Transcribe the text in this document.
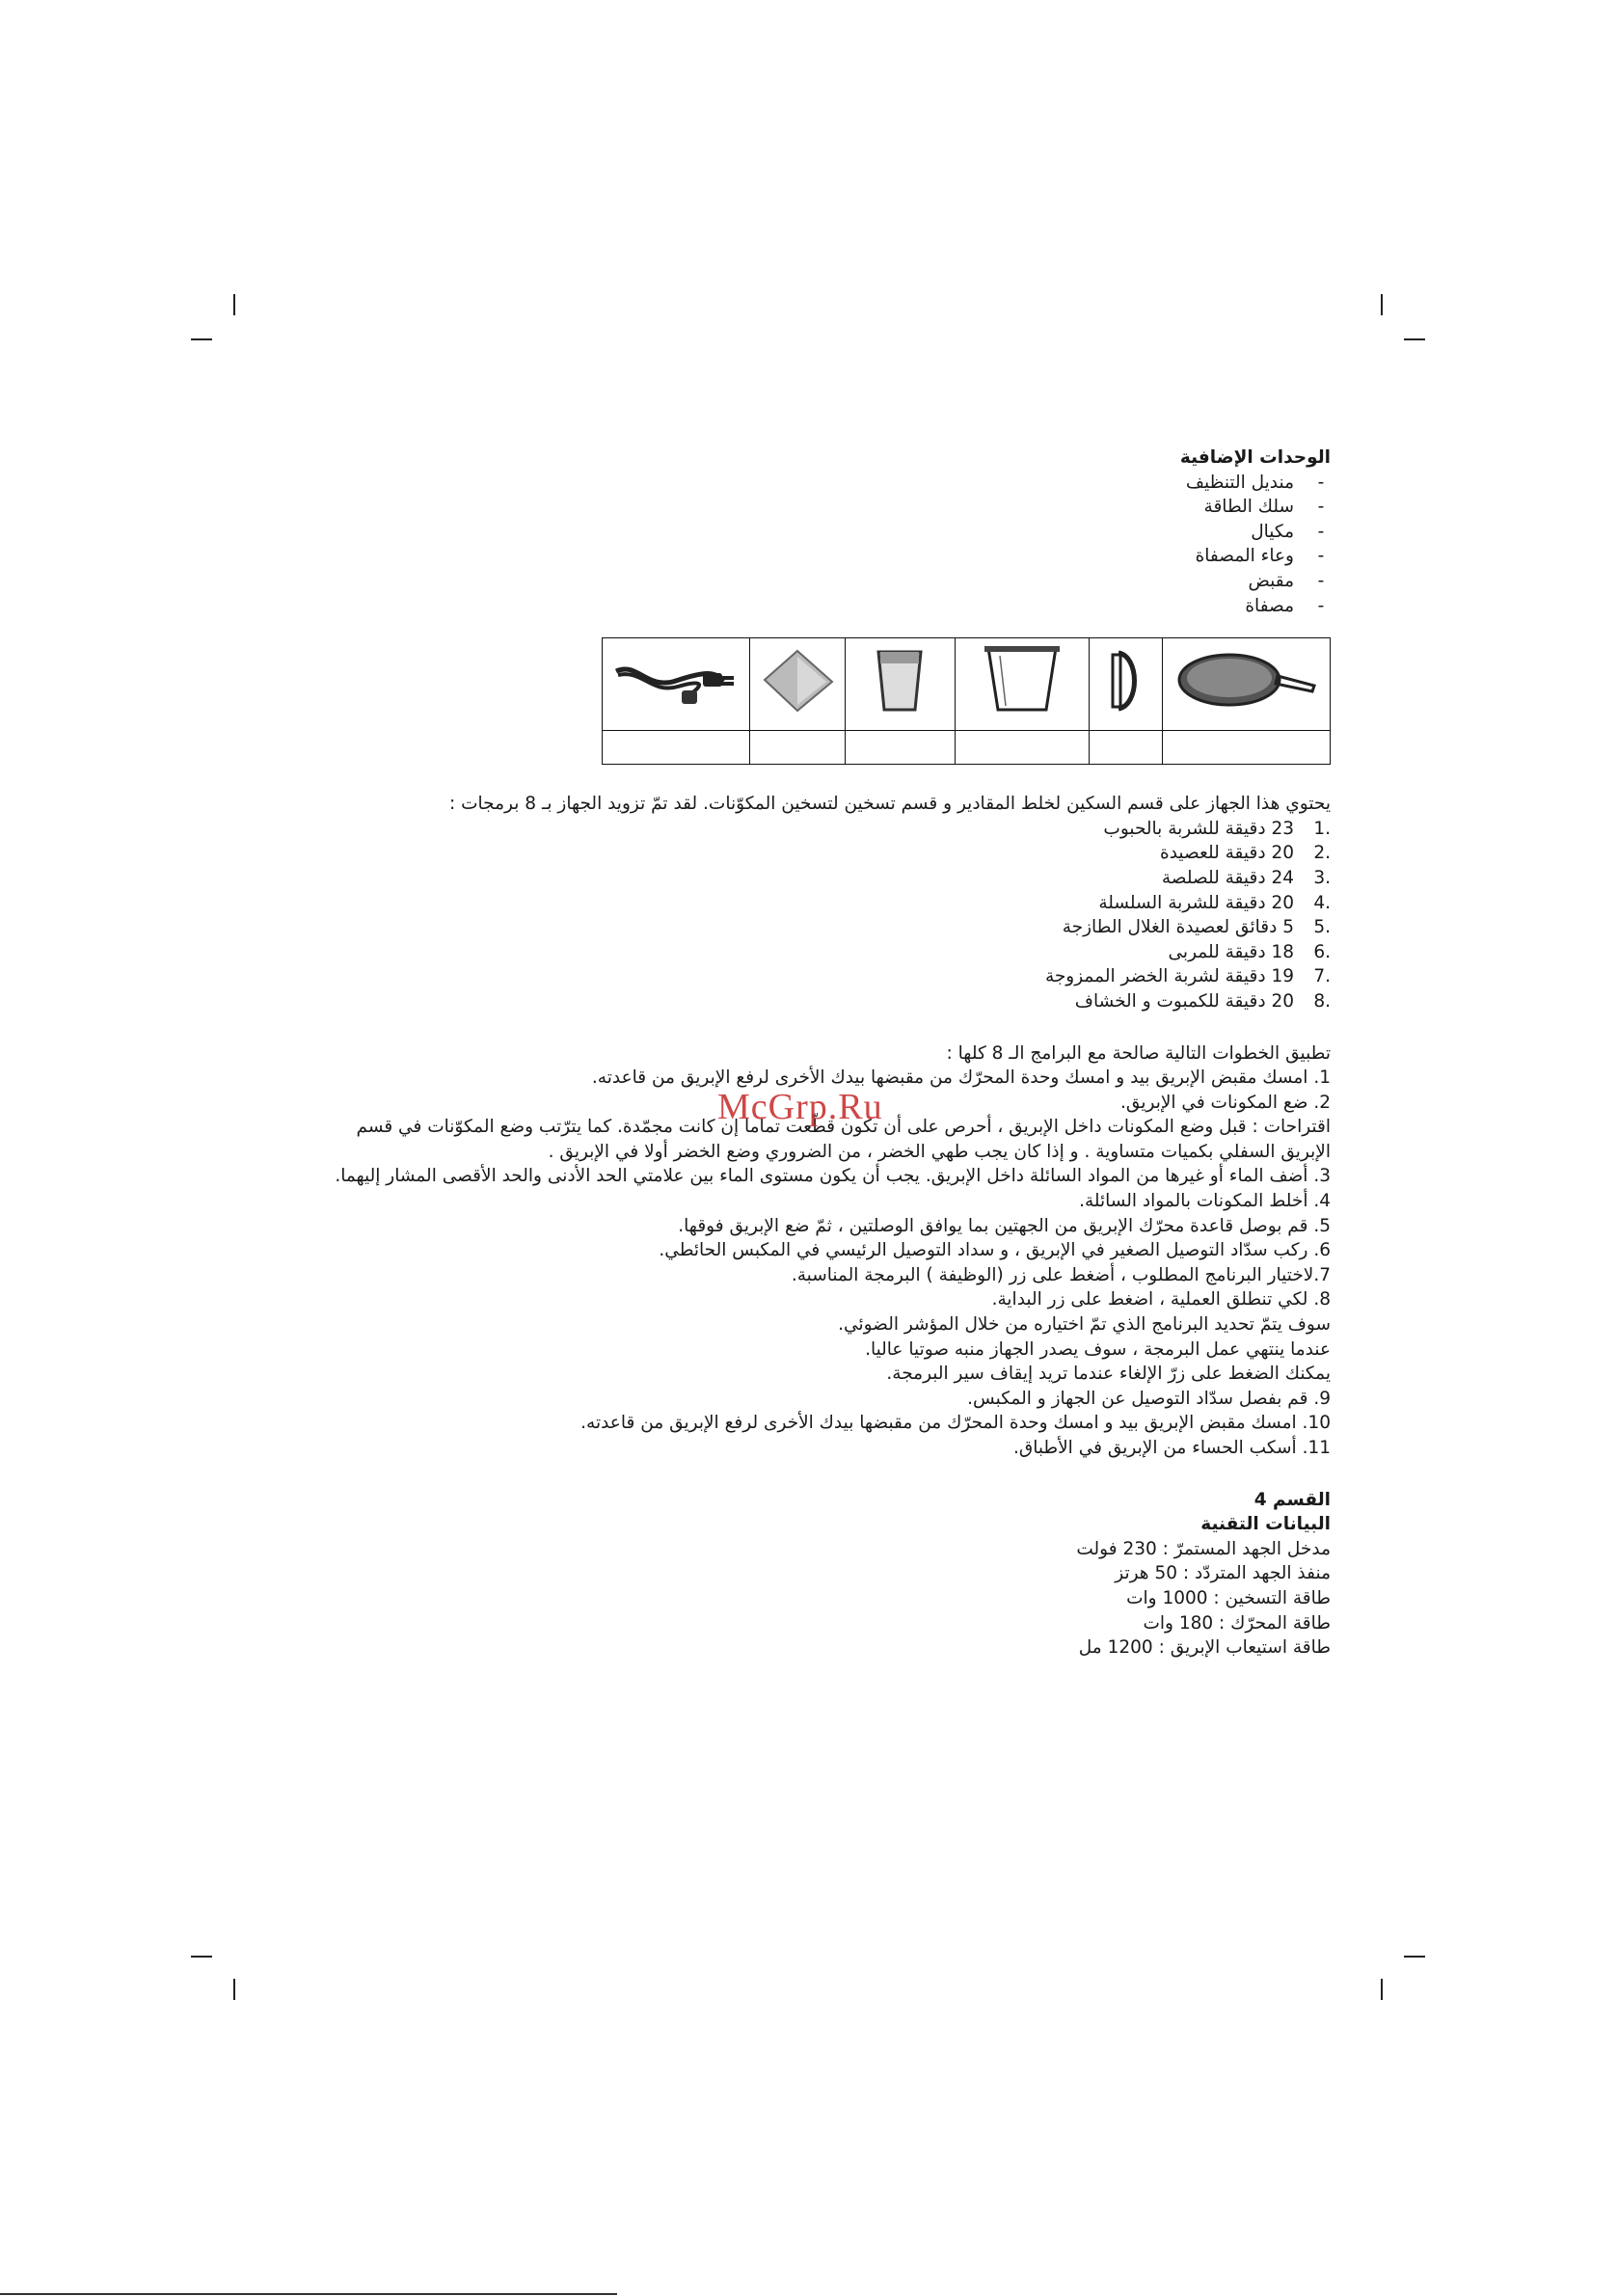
الوحدات الإضافية
-
منديل التنظيف
-
سلك الطاقة
-
مكيال
-
وعاء المصفاة
-
مقبض
-
مصفاة

يحتوي هذا الجهاز على قسم السكين لخلط المقادير و قسم تسخين لتسخين المكوّنات. لقد تمّ تزويد الجهاز بـ 8 برمجات :
.1
23 دقيقة للشربة بالحبوب
.2
20 دقيقة للعصيدة
.3
24 دقيقة للصلصة
.4
20 دقيقة للشربة السلسلة
.5
5 دقائق لعصيدة الغلال الطازجة
.6
18 دقيقة للمربى
.7
19 دقيقة لشربة الخضر الممزوجة
.8
20 دقيقة للكمبوت و الخشاف
تطبيق الخطوات التالية صالحة مع البرامج الـ 8 كلها :
1. امسك مقبض الإبريق بيد و امسك وحدة المحرّك من مقبضها بيدك الأخرى لرفع الإبريق من قاعدته.
2. ضع المكونات في الإبريق.
اقتراحات : قبل وضع المكونات داخل الإبريق ، أحرص على أن تكون قطّعت تماما إن كانت مجمّدة. كما يترّتب وضع المكوّنات في قسم
الإبريق السفلي بكميات متساوية . و إذا كان يجب طهي الخضر ، من الضروري وضع الخضر أولا في الإبريق .
3. أضف الماء أو غيرها من المواد السائلة داخل الإبريق. يجب أن يكون مستوى الماء بين علامتي الحد الأدنى والحد الأقصى المشار إليهما.
4. أخلط المكونات بالمواد السائلة.
5. قم بوصل قاعدة محرّك الإبريق من الجهتين بما يوافق الوصلتين ، ثمّ ضع الإبريق فوقها.
6. ركب سدّاد التوصيل الصغير في الإبريق ، و سداد التوصيل الرئيسي في المكبس الحائطي.
7.لاختيار البرنامج المطلوب ، أضغط على زر (الوظيفة ) البرمجة المناسبة.
8. لكي تنطلق العملية ، اضغط على زر البداية.
سوف يتمّ تحديد البرنامج الذي تمّ اختياره من خلال المؤشر الضوئي.
عندما ينتهي عمل البرمجة ، سوف يصدر الجهاز منبه صوتيا عاليا.
يمكنك الضغط على زرّ الإلغاء عندما تريد إيقاف سير البرمجة.
9. قم بفصل سدّاد التوصيل عن الجهاز و المكبس.
10. امسك مقبض الإبريق بيد و امسك وحدة المحرّك من مقبضها بيدك الأخرى لرفع الإبريق من قاعدته.
11. أسكب الحساء من الإبريق في الأطباق.
القسم 4
البيانات التقنية
مدخل الجهد المستمرّ : 230 فولت
منفذ الجهد المتردّد : 50 هرتز
طاقة التسخين : 1000 وات
طاقة المحرّك : 180 وات
طاقة استيعاب الإبريق : 1200 مل
McGrp.Ru
